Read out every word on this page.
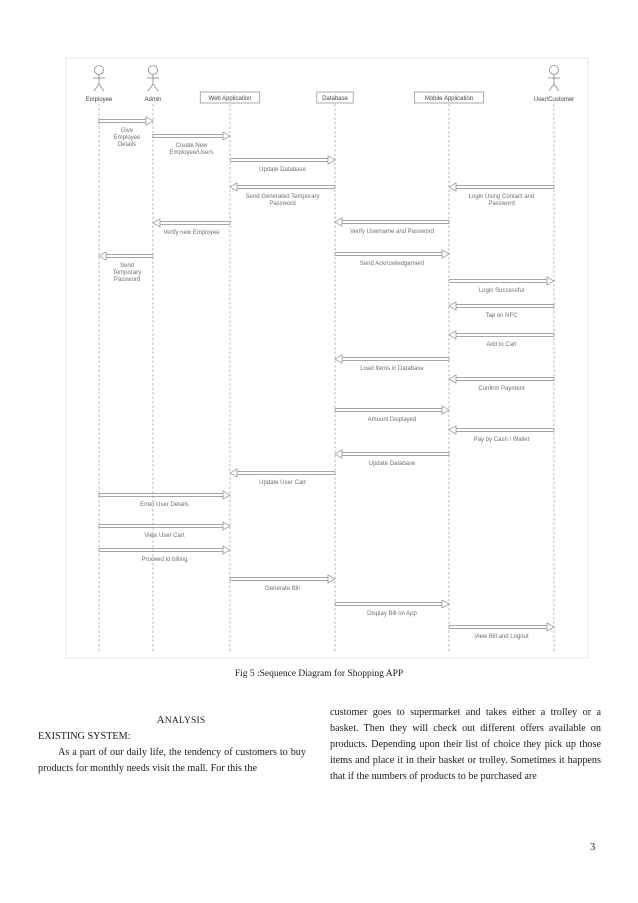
Employee	Admin	Web Application	Database	Mobile Application	User/Customer
Give
Employee
Details	Create New
Employee/Users
Update Database
Send Generated Temporary
Password
Login Using Contact and
Password
Verify Username and Password
Verify new Employee
Send Acknowledgement
Send
Temporary
Password
Login Successful
Tap on NFC
Add to Cart
Load Items in Database
Confirm Payment
Amount Displayed
Pay by Cash / Wallet
Update Database
Update User Cart
Enter User Details
View User Cart
Proceed to billing
Generate Bill
Display Bill on App
View Bill and Logout
Fig 5 :Sequence Diagram for Shopping APP
ANALYSIS
EXISTING SYSTEM:
As a part of our daily life, the tendency of customers to buy products for monthly needs visit the mall. For this the
customer goes to supermarket and takes either a trolley or a basket. Then they will check out different offers available on products. Depending upon their list of choice they pick up those items and place it in their basket or trolley. Sometimes it happens that if the numbers of products to be purchased are
3
